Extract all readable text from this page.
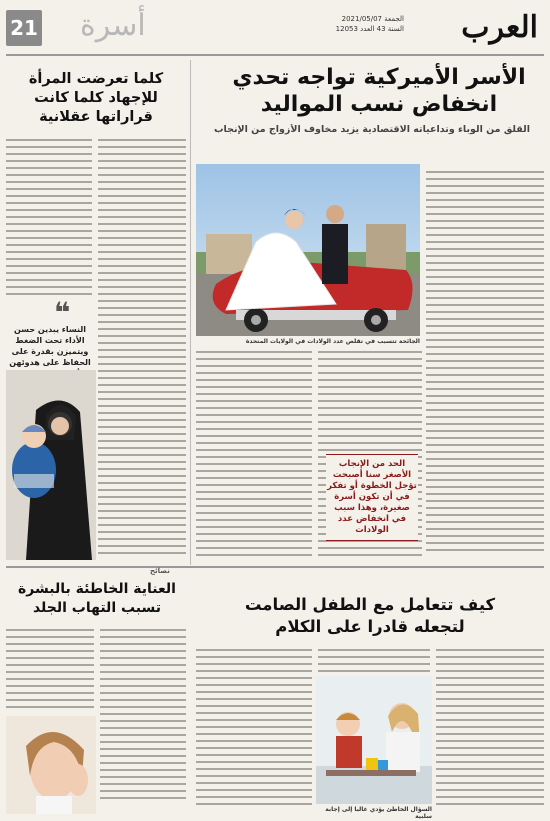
العرب
الجمعة 2021/05/07
السنة 43 العدد 12053
أسرة
21
الأسر الأميركية تواجه تحدي
انخفاض نسب المواليد
القلق من الوباء وتداعياته الاقتصادية يزيد مخاوف الأزواج من الإنجاب
الجائحة تتسبب في تقلص عدد الولادات في الولايات المتحدة
الحد من الإنجاب الأصغر سنا أصبحت تؤجل الخطوة أو تفكر في أن تكون أسرة صغيرة، وهذا سبب في انخفاض عدد الولادات
كلما تعرضت المرأة
للإجهاد كلما كانت
قراراتها عقلانية
❝
النساء يبدين حسن الأداء تحت الضغط ويتميزن بقدرة على الحفاظ على هدوئهن
نصائح
العناية الخاطئة بالبشرة
تسبب التهاب الجلد	كيف تتعامل مع الطفل الصامت
لتجعله قادرا على الكلام
السؤال الخاطئ يؤدي غالبا إلى إجابة سلبية
